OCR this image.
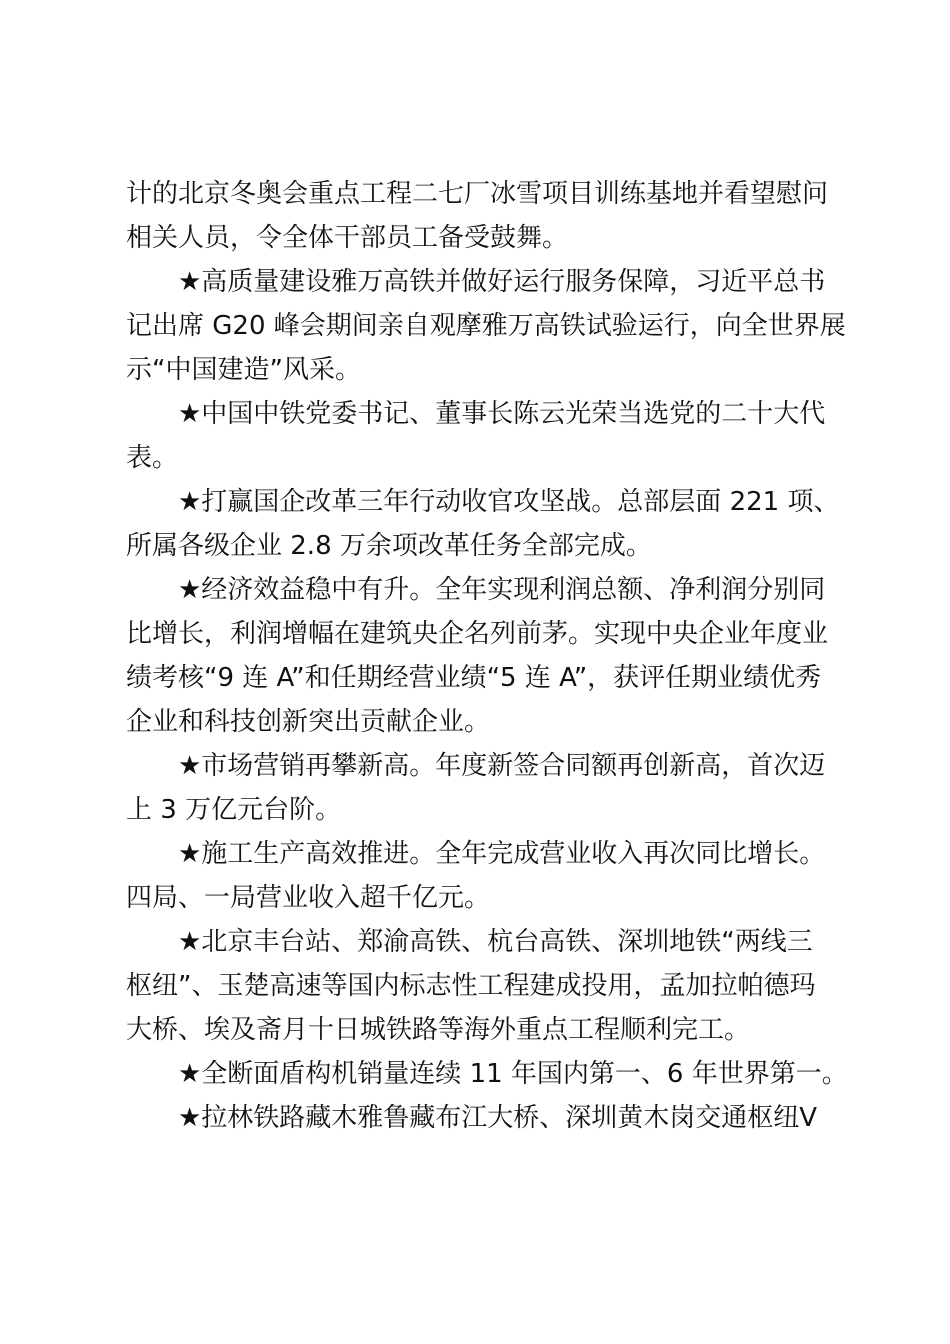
计的北京冬奥会重点工程二七厂冰雪项目训练基地并看望慰问
相关人员，令全体干部员工备受鼓舞。
★高质量建设雅万高铁并做好运行服务保障，习近平总书
记出席 G20 峰会期间亲自观摩雅万高铁试验运行，向全世界展
示“中国建造”风采。
★中国中铁党委书记、董事长陈云光荣当选党的二十大代
表。
★打赢国企改革三年行动收官攻坚战。总部层面 221 项、
所属各级企业 2.8 万余项改革任务全部完成。
★经济效益稳中有升。全年实现利润总额、净利润分别同
比增长，利润增幅在建筑央企名列前茅。实现中央企业年度业
绩考核“9 连 A”和任期经营业绩“5 连 A”，获评任期业绩优秀
企业和科技创新突出贡献企业。
★市场营销再攀新高。年度新签合同额再创新高，首次迈
上 3 万亿元台阶。
★施工生产高效推进。全年完成营业收入再次同比增长。
四局、一局营业收入超千亿元。
★北京丰台站、郑渝高铁、杭台高铁、深圳地铁“两线三
枢纽”、玉楚高速等国内标志性工程建成投用，孟加拉帕德玛
大桥、埃及斋月十日城铁路等海外重点工程顺利完工。
★全断面盾构机销量连续 11 年国内第一、6 年世界第一。
★拉林铁路藏木雅鲁藏布江大桥、深圳黄木岗交通枢纽Ⅴ
